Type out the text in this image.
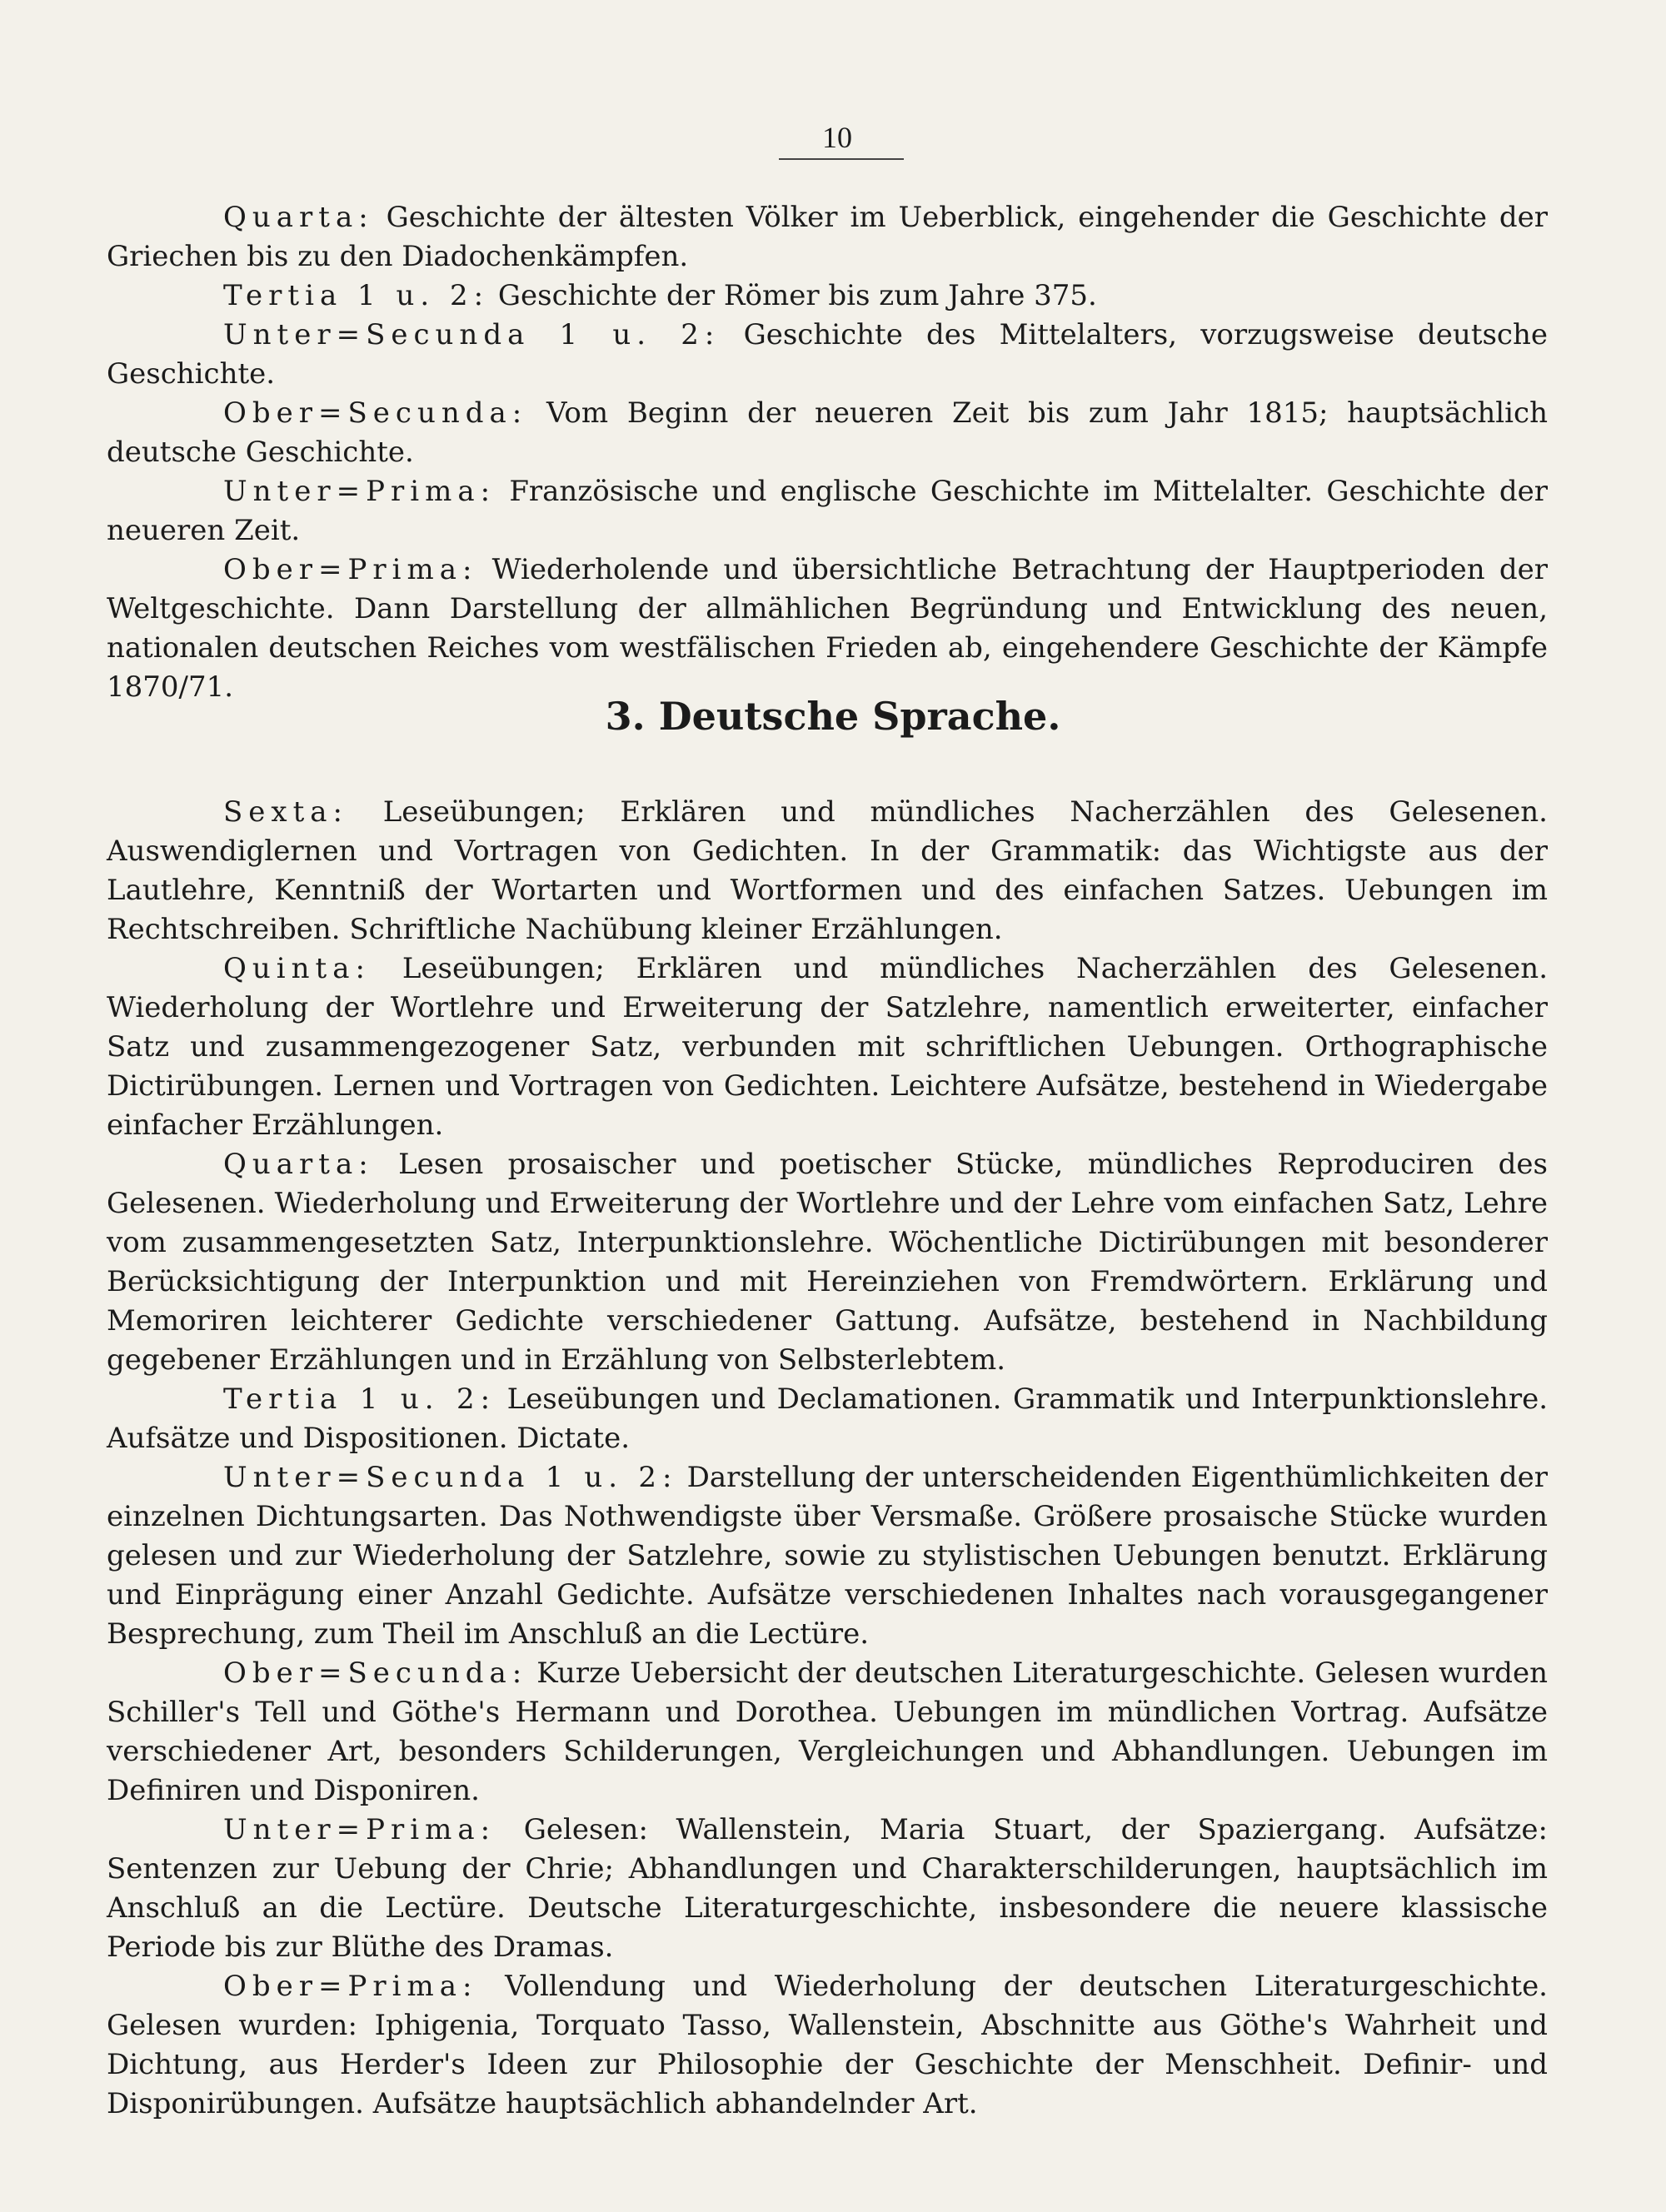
10

Quarta: Geschichte der ältesten Völker im Ueberblick, eingehender die Geschichte der Griechen bis zu den Diadochenkämpfen.

Tertia 1 u. 2: Geschichte der Römer bis zum Jahre 375.

Unter=Secunda 1 u. 2: Geschichte des Mittelalters, vorzugsweise deutsche Geschichte.

Ober=Secunda: Vom Beginn der neueren Zeit bis zum Jahr 1815; hauptsächlich deutsche Geschichte.

Unter=Prima: Französische und englische Geschichte im Mittelalter. Geschichte der neueren Zeit.

Ober=Prima: Wiederholende und übersichtliche Betrachtung der Hauptperioden der Weltgeschichte. Dann Darstellung der allmählichen Begründung und Entwicklung des neuen, nationalen deutschen Reiches vom westfälischen Frieden ab, eingehendere Geschichte der Kämpfe 1870/71.

3. Deutsche Sprache.

Sexta: Leseübungen; Erklären und mündliches Nacherzählen des Gelesenen. Auswendiglernen und Vortragen von Gedichten. In der Grammatik: das Wichtigste aus der Lautlehre, Kenntniß der Wortarten und Wortformen und des einfachen Satzes. Uebungen im Rechtschreiben. Schriftliche Nachübung kleiner Erzählungen.

Quinta: Leseübungen; Erklären und mündliches Nacherzählen des Gelesenen. Wiederholung der Wortlehre und Erweiterung der Satzlehre, namentlich erweiterter, einfacher Satz und zusammengezogener Satz, verbunden mit schriftlichen Uebungen. Orthographische Dictirübungen. Lernen und Vortragen von Gedichten. Leichtere Aufsätze, bestehend in Wiedergabe einfacher Erzählungen.

Quarta: Lesen prosaischer und poetischer Stücke, mündliches Reproduciren des Gelesenen. Wiederholung und Erweiterung der Wortlehre und der Lehre vom einfachen Satz, Lehre vom zusammengesetzten Satz, Interpunktionslehre. Wöchentliche Dictirübungen mit besonderer Berücksichtigung der Interpunktion und mit Hereinziehen von Fremdwörtern. Erklärung und Memoriren leichterer Gedichte verschiedener Gattung. Aufsätze, bestehend in Nachbildung gegebener Erzählungen und in Erzählung von Selbsterlebtem.

Tertia 1 u. 2: Leseübungen und Declamationen. Grammatik und Interpunktionslehre. Aufsätze und Dispositionen. Dictate.

Unter=Secunda 1 u. 2: Darstellung der unterscheidenden Eigenthümlichkeiten der einzelnen Dichtungsarten. Das Nothwendigste über Versmaße. Größere prosaische Stücke wurden gelesen und zur Wiederholung der Satzlehre, sowie zu stylistischen Uebungen benutzt. Erklärung und Einprägung einer Anzahl Gedichte. Aufsätze verschiedenen Inhaltes nach vorausgegangener Besprechung, zum Theil im Anschluß an die Lectüre.

Ober=Secunda: Kurze Uebersicht der deutschen Literaturgeschichte. Gelesen wurden Schiller's Tell und Göthe's Hermann und Dorothea. Uebungen im mündlichen Vortrag. Aufsätze verschiedener Art, besonders Schilderungen, Vergleichungen und Abhandlungen. Uebungen im Definiren und Disponiren.

Unter=Prima: Gelesen: Wallenstein, Maria Stuart, der Spaziergang. Aufsätze: Sentenzen zur Uebung der Chrie; Abhandlungen und Charakterschilderungen, hauptsächlich im Anschluß an die Lectüre. Deutsche Literaturgeschichte, insbesondere die neuere klassische Periode bis zur Blüthe des Dramas.

Ober=Prima: Vollendung und Wiederholung der deutschen Literaturgeschichte. Gelesen wurden: Iphigenia, Torquato Tasso, Wallenstein, Abschnitte aus Göthe's Wahrheit und Dichtung, aus Herder's Ideen zur Philosophie der Geschichte der Menschheit. Definir- und Disponirübungen. Aufsätze hauptsächlich abhandelnder Art.
